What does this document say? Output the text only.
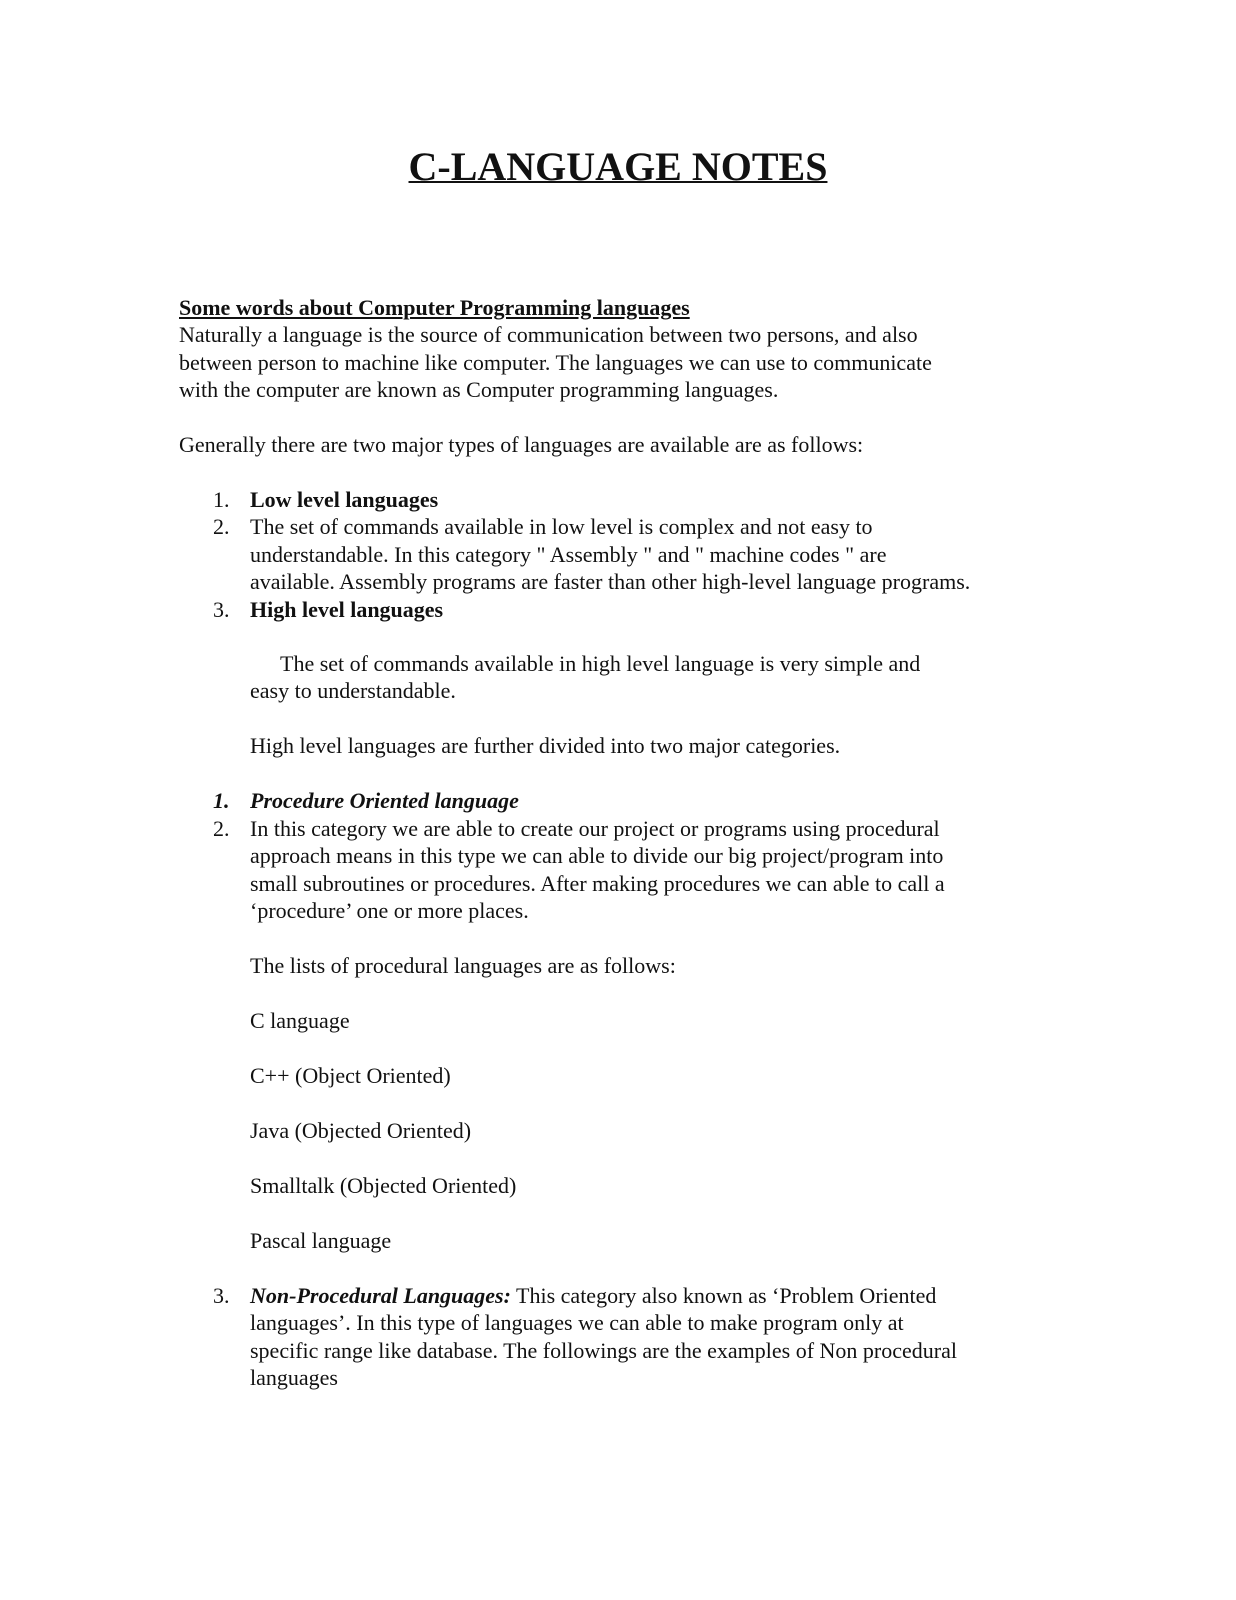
C-LANGUAGE NOTES
Some words about Computer Programming languages
Naturally a language is the source of communication between two persons, and also
between person to machine like computer. The languages we can use to communicate
with the computer are known as Computer programming languages.
Generally there are two major types of languages are available are as follows:
1. Low level languages
2. The set of commands available in low level is complex and not easy to
understandable. In this category " Assembly " and " machine codes " are
available. Assembly programs are faster than other high-level language programs.
3. High level languages
The set of commands available in high level language is very simple and
easy to understandable.
High level languages are further divided into two major categories.
1. Procedure Oriented language
2. In this category we are able to create our project or programs using procedural
approach means in this type we can able to divide our big project/program into
small subroutines or procedures. After making procedures we can able to call a
‘procedure’ one or more places.
The lists of procedural languages are as follows:
C language
C++ (Object Oriented)
Java (Objected Oriented)
Smalltalk (Objected Oriented)
Pascal language
3. Non-Procedural Languages: This category also known as ‘Problem Oriented
languages’. In this type of languages we can able to make program only at
specific range like database. The followings are the examples of Non procedural
languages
